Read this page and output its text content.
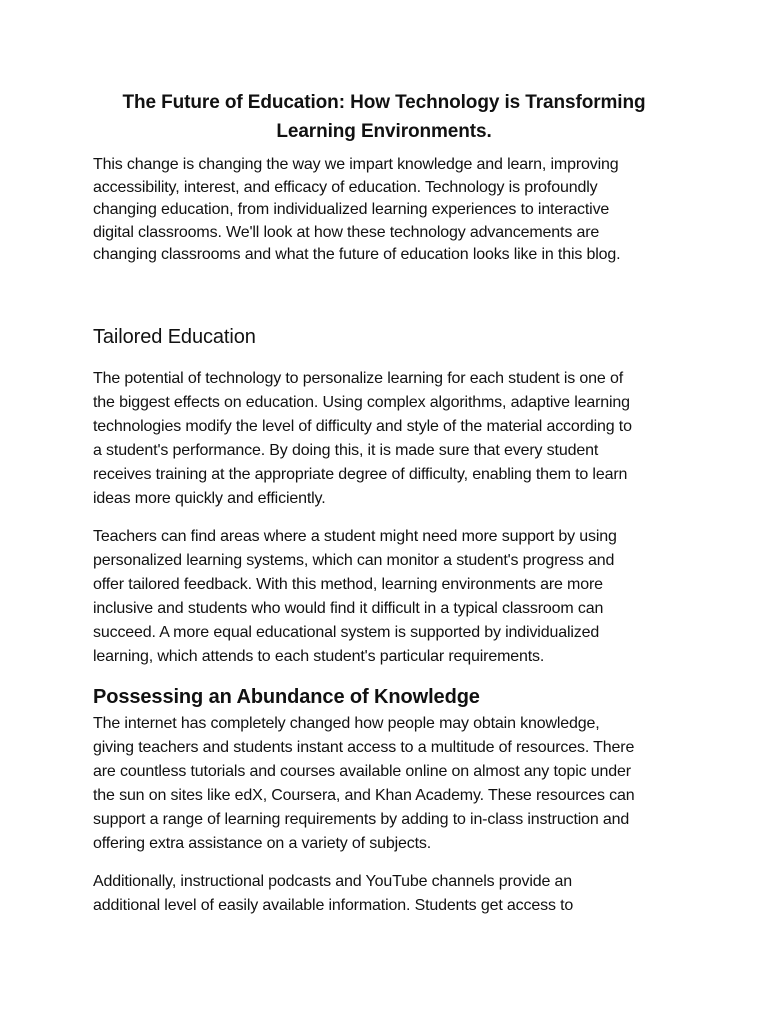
The Future of Education: How Technology is Transforming
Learning Environments.

This change is changing the way we impart knowledge and learn, improving
accessibility, interest, and efficacy of education. Technology is profoundly
changing education, from individualized learning experiences to interactive
digital classrooms. We'll look at how these technology advancements are
changing classrooms and what the future of education looks like in this blog.

Tailored Education

The potential of technology to personalize learning for each student is one of
the biggest effects on education. Using complex algorithms, adaptive learning
technologies modify the level of difficulty and style of the material according to
a student's performance. By doing this, it is made sure that every student
receives training at the appropriate degree of difficulty, enabling them to learn
ideas more quickly and efficiently.

Teachers can find areas where a student might need more support by using
personalized learning systems, which can monitor a student's progress and
offer tailored feedback. With this method, learning environments are more
inclusive and students who would find it difficult in a typical classroom can
succeed. A more equal educational system is supported by individualized
learning, which attends to each student's particular requirements.

Possessing an Abundance of Knowledge

The internet has completely changed how people may obtain knowledge,
giving teachers and students instant access to a multitude of resources. There
are countless tutorials and courses available online on almost any topic under
the sun on sites like edX, Coursera, and Khan Academy. These resources can
support a range of learning requirements by adding to in-class instruction and
offering extra assistance on a variety of subjects.

Additionally, instructional podcasts and YouTube channels provide an
additional level of easily available information. Students get access to
